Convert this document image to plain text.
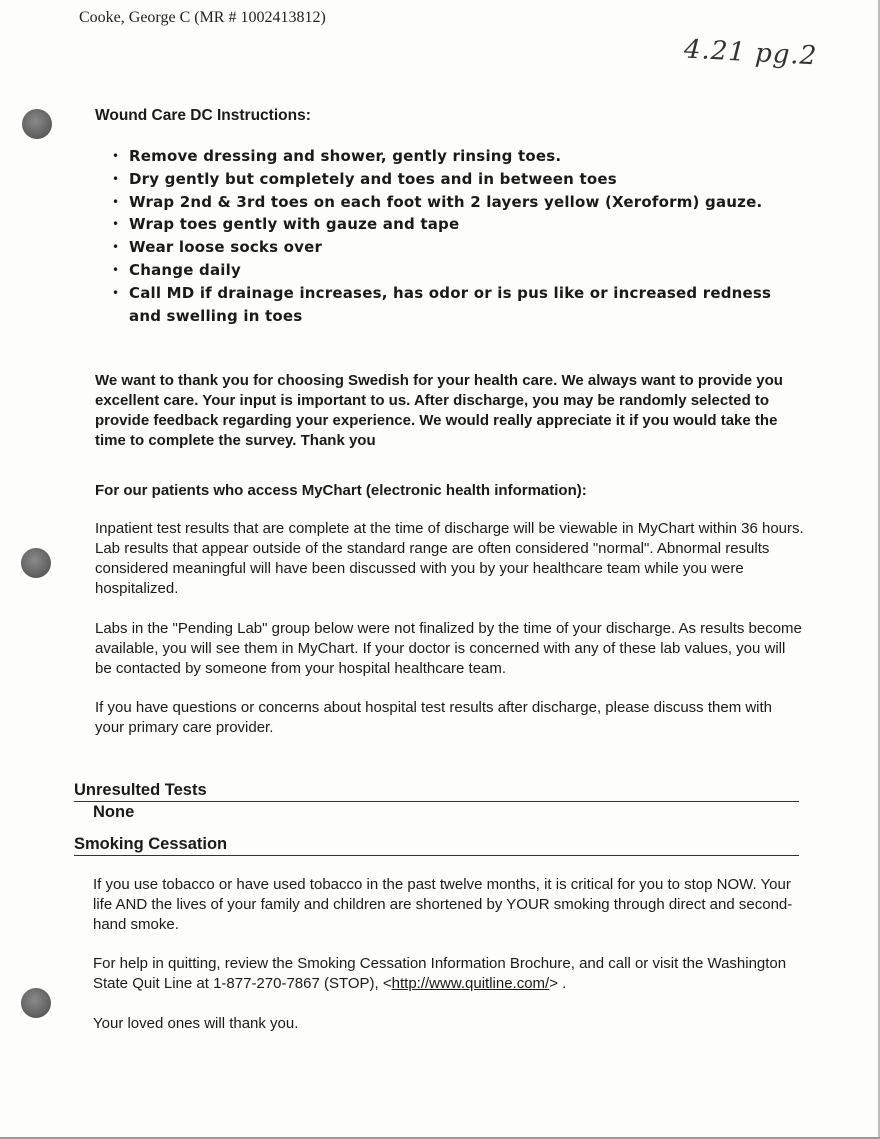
Cooke, George C (MR # 1002413812)
4.21 pg.2
Wound Care DC Instructions:
• Remove dressing and shower, gently rinsing toes.
• Dry gently but completely and toes and in between toes
• Wrap 2nd & 3rd toes on each foot with 2 layers yellow (Xeroform) gauze.
• Wrap toes gently with gauze and tape
• Wear loose socks over
• Change daily
• Call MD if drainage increases, has odor or is pus like or increased redness and swelling in toes

We want to thank you for choosing Swedish for your health care. We always want to provide you excellent care. Your input is important to us. After discharge, you may be randomly selected to provide feedback regarding your experience. We would really appreciate it if you would take the time to complete the survey. Thank you

For our patients who access MyChart (electronic health information):

Inpatient test results that are complete at the time of discharge will be viewable in MyChart within 36 hours. Lab results that appear outside of the standard range are often considered "normal". Abnormal results considered meaningful will have been discussed with you by your healthcare team while you were hospitalized.

Labs in the "Pending Lab" group below were not finalized by the time of your discharge. As results become available, you will see them in MyChart. If your doctor is concerned with any of these lab values, you will be contacted by someone from your hospital healthcare team.

If you have questions or concerns about hospital test results after discharge, please discuss them with your primary care provider.

Unresulted Tests
None
Smoking Cessation

If you use tobacco or have used tobacco in the past twelve months, it is critical for you to stop NOW. Your life AND the lives of your family and children are shortened by YOUR smoking through direct and second-hand smoke.

For help in quitting, review the Smoking Cessation Information Brochure, and call or visit the Washington State Quit Line at 1-877-270-7867 (STOP), <http://www.quitline.com/> .

Your loved ones will thank you.
